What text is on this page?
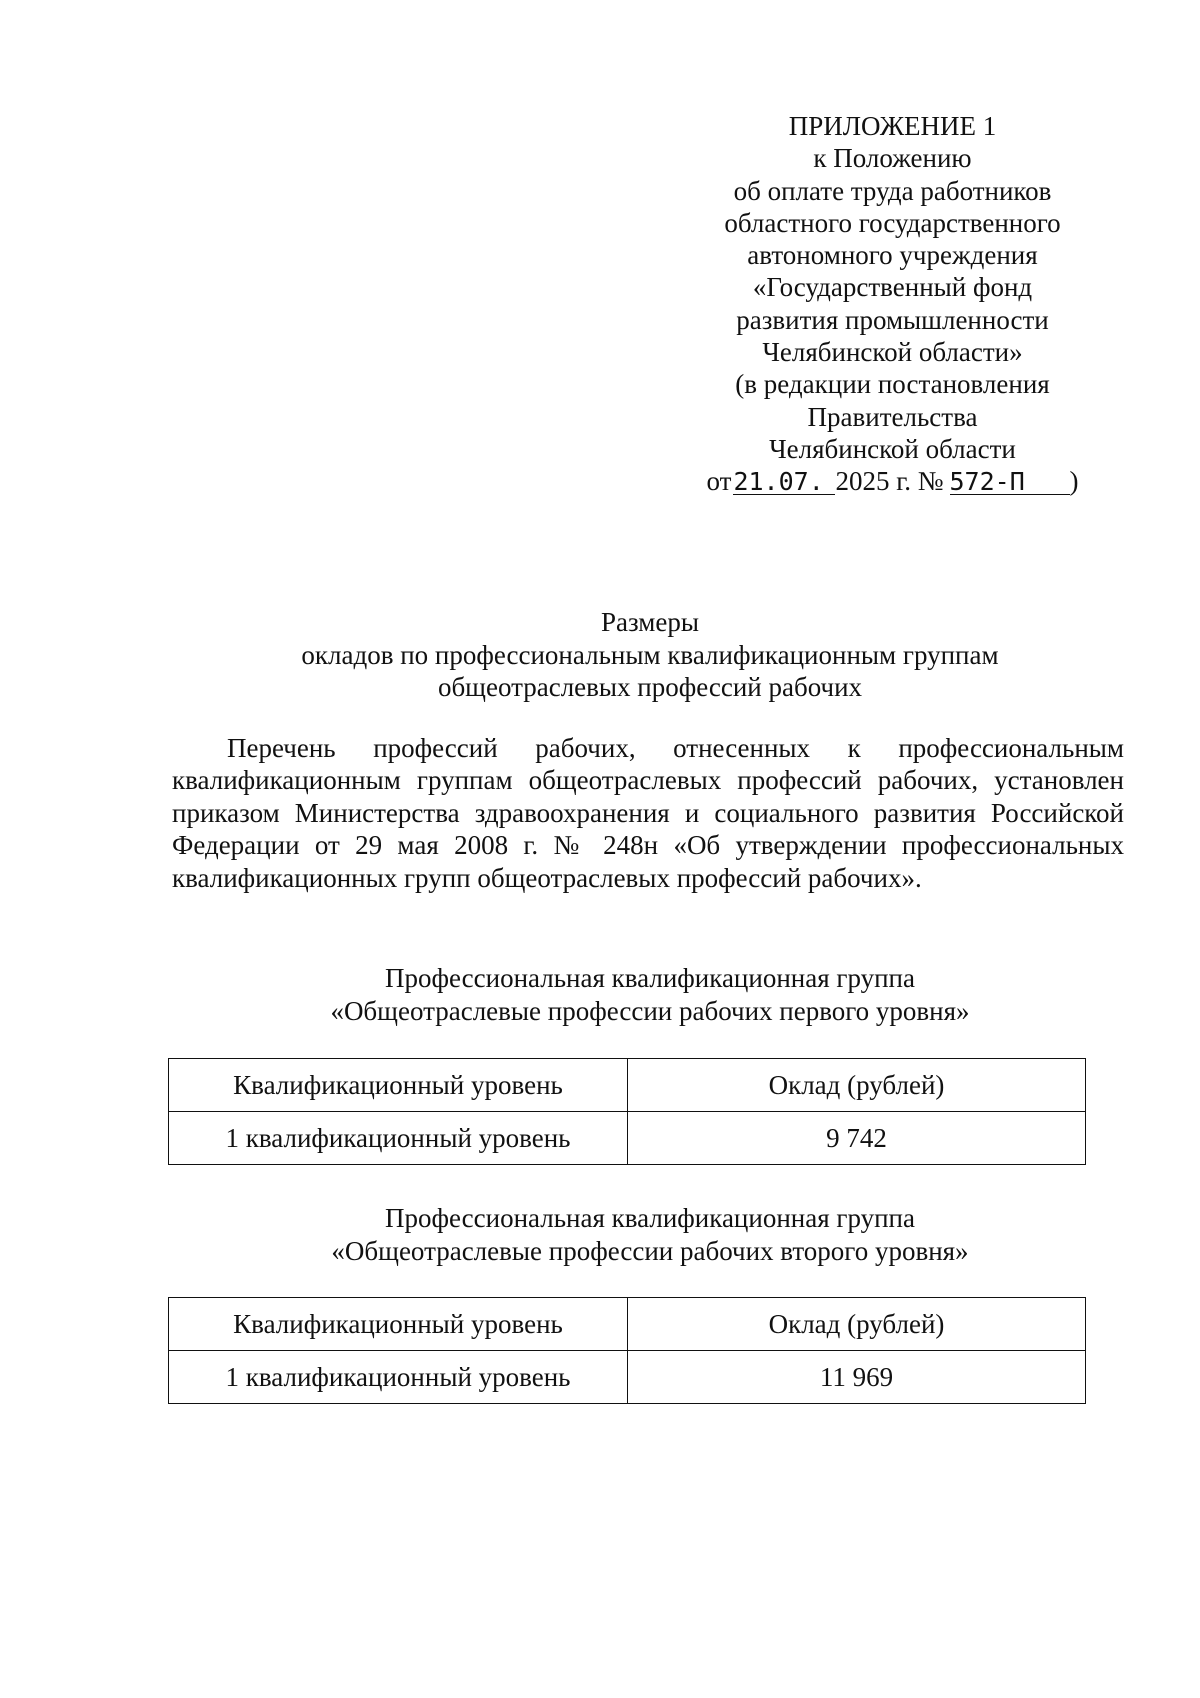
ПРИЛОЖЕНИЕ 1
к Положению
об оплате труда работников
областного государственного
автономного учреждения
«Государственный фонд
развития промышленности
Челябинской области»
(в редакции постановления
Правительства
Челябинской области
от21.07. 2025 г. № 572-П )
Размеры
окладов по профессиональным квалификационным группам
общеотраслевых профессий рабочих

Перечень профессий рабочих, отнесенных к профессиональным квалификационным группам общеотраслевых профессий рабочих, установлен приказом Министерства здравоохранения и социального развития Российской Федерации от 29 мая 2008 г. № 248н «Об утверждении профессиональных квалификационных групп общеотраслевых профессий рабочих».

Профессиональная квалификационная группа
«Общеотраслевые профессии рабочих первого уровня»
Квалификационный уровень	Оклад (рублей)
1 квалификационный уровень	9 742
Профессиональная квалификационная группа
«Общеотраслевые профессии рабочих второго уровня»
Квалификационный уровень	Оклад (рублей)
1 квалификационный уровень	11 969
